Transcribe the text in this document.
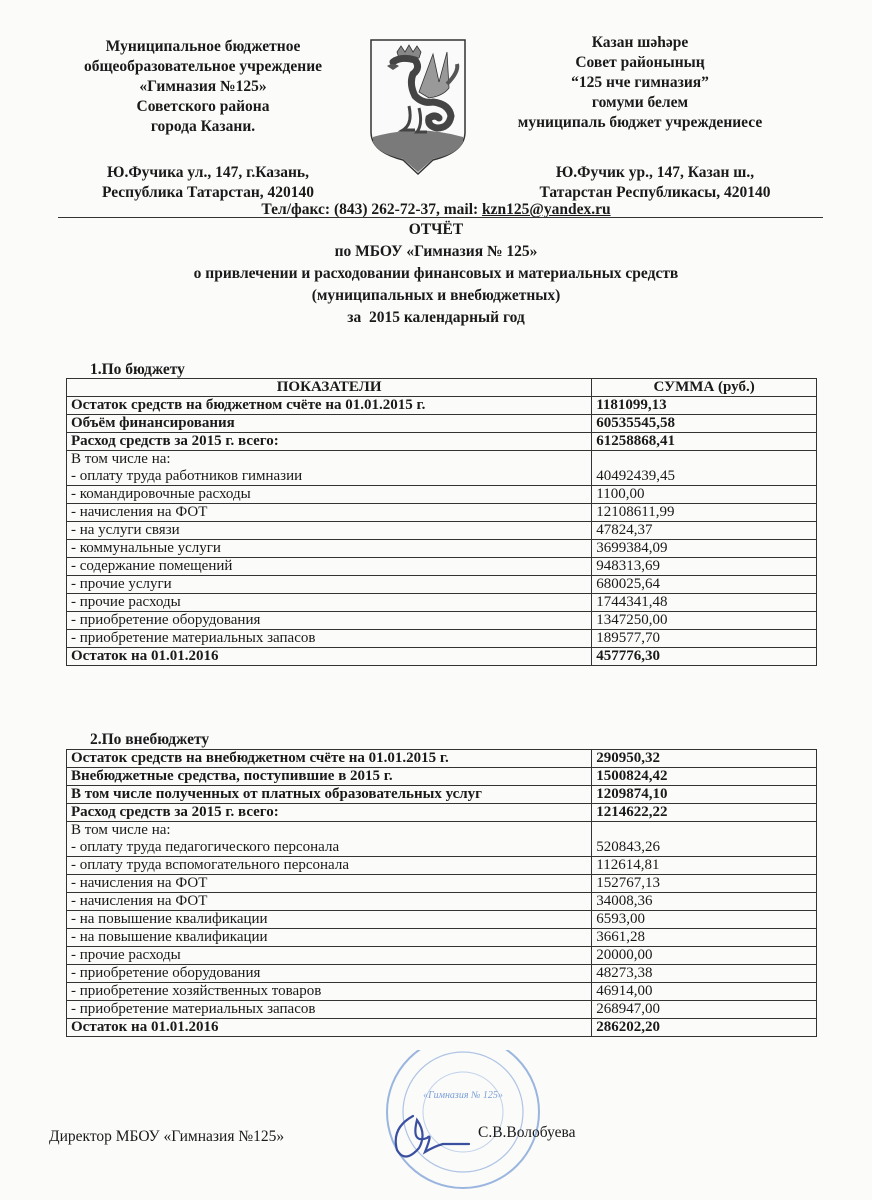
Муниципальное бюджетное
общеобразовательное учреждение
«Гимназия №125»
Советского района
города Казани.
Казан шәһәре
Совет районының
“125 нче гимназия”
гомуми белем
муниципаль бюджет учреждениесе
Ю.Фучика ул., 147, г.Казань,
Республика Татарстан, 420140
Ю.Фучик ур., 147, Казан ш.,
Татарстан Республикасы, 420140
Тел/факс: (843) 262-72-37, mail: kzn125@yandex.ru
ОТЧЁТ
по МБОУ «Гимназия № 125»
о привлечении и расходовании финансовых и материальных средств
(муниципальных и внебюджетных)
за  2015 календарный год
1.По бюджету
ПОКАЗАТЕЛИ	СУММА (руб.)

Остаток средств на бюджетном счёте на 01.01.2015 г.	1181099,13

Объём финансирования	60535545,58

Расход средств за 2015 г. всего:	61258868,41

В том числе на:
- оплату труда работников гимназии	40492439,45

- командировочные расходы	1100,00

- начисления на ФОТ	12108611,99

- на услуги связи	47824,37

- коммунальные услуги	3699384,09

- содержание помещений	948313,69

- прочие услуги	680025,64

- прочие расходы	1744341,48

- приобретение оборудования	1347250,00

- приобретение материальных запасов	189577,70

Остаток на 01.01.2016	457776,30
2.По внебюджету
Остаток средств на внебюджетном счёте на 01.01.2015 г.	290950,32

Внебюджетные средства, поступившие в 2015 г.	1500824,42

В том числе полученных от платных образовательных услуг	1209874,10

Расход средств за 2015 г. всего:	1214622,22

В том числе на:
- оплату труда педагогического персонала	520843,26

- оплату труда вспомогательного персонала	112614,81

- начисления на ФОТ	152767,13

- начисления на ФОТ	34008,36

- на повышение квалификации	6593,00

- на повышение квалификации	3661,28

- прочие расходы	20000,00

- приобретение оборудования	48273,38

- приобретение хозяйственных товаров	46914,00

- приобретение материальных запасов	268947,00

Остаток на 01.01.2016	286202,20
«Гимназия № 125»
Директор МБОУ «Гимназия №125»	С.В.Волобуева
